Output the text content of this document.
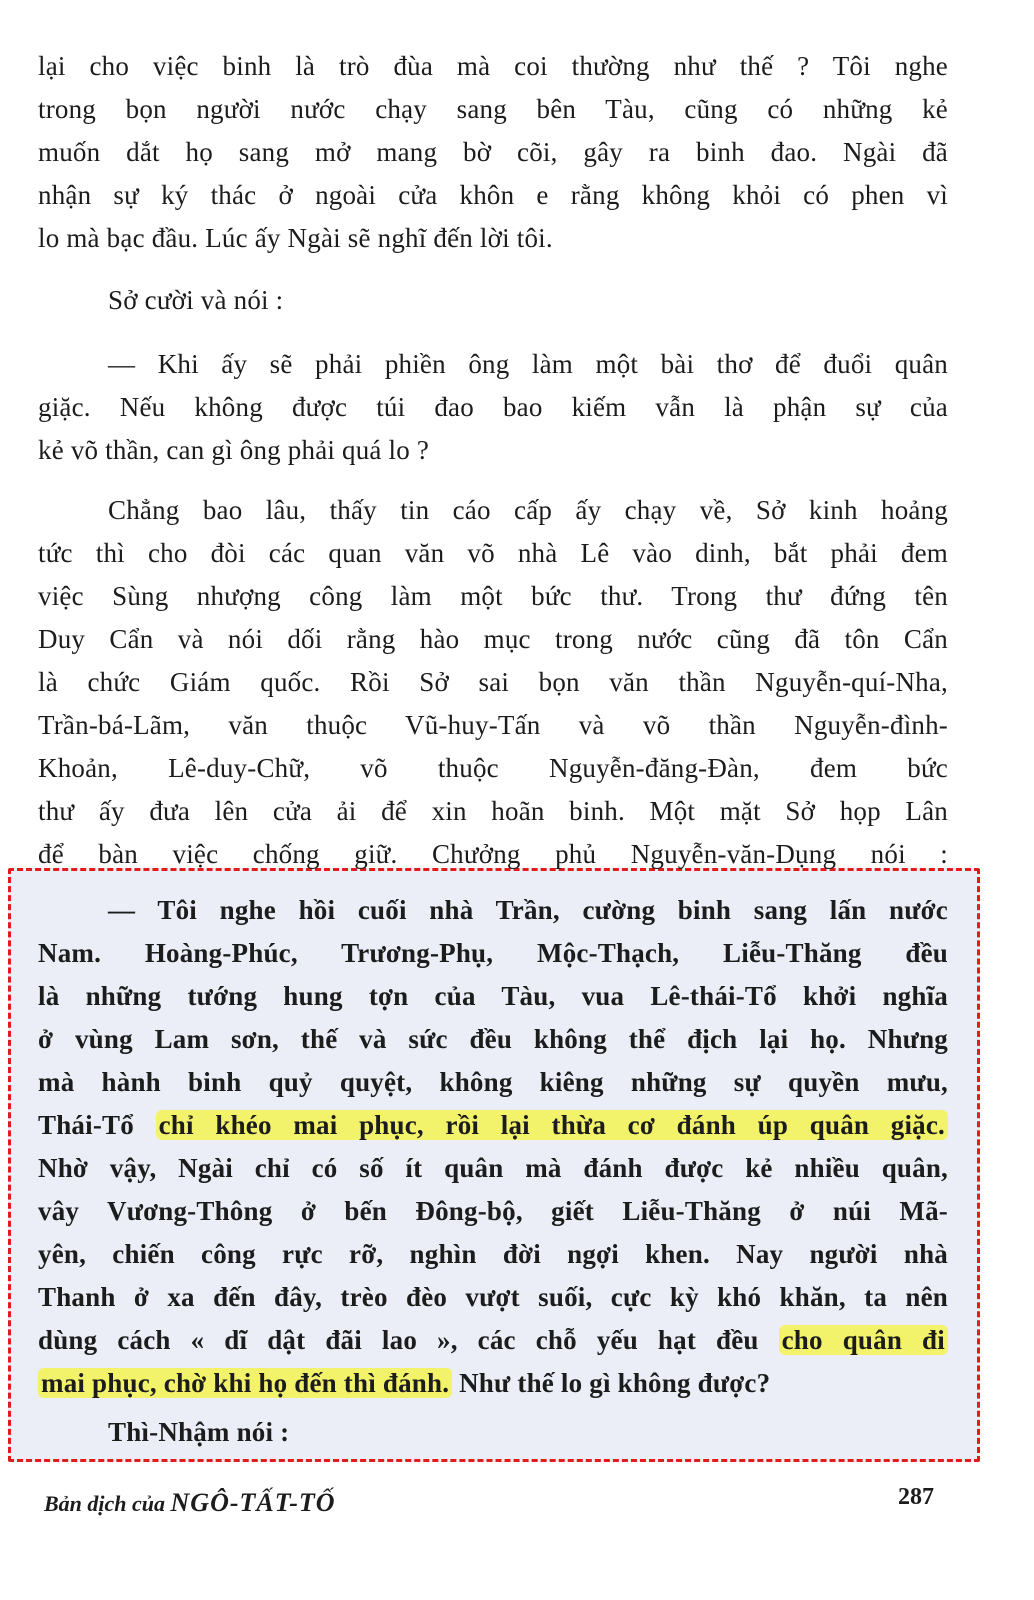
lại cho việc binh là trò đùa mà coi thường như thế ? Tôi nghe
trong bọn người nước chạy sang bên Tàu, cũng có những kẻ
muốn dắt họ sang mở mang bờ cõi, gây ra binh đao. Ngài đã
nhận sự ký thác ở ngoài cửa khôn e rằng không khỏi có phen vì
lo mà bạc đầu. Lúc ấy Ngài sẽ nghĩ đến lời tôi.
Sở cười và nói :
— Khi ấy sẽ phải phiền ông làm một bài thơ để đuổi quân
giặc. Nếu không được túi đao bao kiếm vẫn là phận sự của
kẻ võ thần, can gì ông phải quá lo ?
Chẳng bao lâu, thấy tin cáo cấp ấy chạy về, Sở kinh hoảng
tức thì cho đòi các quan văn võ nhà Lê vào dinh, bắt phải đem
việc Sùng nhượng công làm một bức thư. Trong thư đứng tên
Duy Cẩn và nói dối rằng hào mục trong nước cũng đã tôn Cẩn
là chức Giám quốc. Rồi Sở sai bọn văn thần Nguyễn-quí-Nha,
Trần-bá-Lãm, văn thuộc Vũ-huy-Tấn và võ thần Nguyễn-đình-
Khoản, Lê-duy-Chữ, võ thuộc Nguyễn-đăng-Đàn, đem bức
thư ấy đưa lên cửa ải để xin hoãn binh. Một mặt Sở họp Lân
để bàn việc chống giữ. Chưởng phủ Nguyễn-văn-Dụng nói :
— Tôi nghe hồi cuối nhà Trần, cường binh sang lấn nước
Nam. Hoàng-Phúc, Trương-Phụ, Mộc-Thạch, Liễu-Thăng đều
là những tướng hung tợn của Tàu, vua Lê-thái-Tổ khởi nghĩa
ở vùng Lam sơn, thế và sức đều không thể địch lại họ. Nhưng
mà hành binh quỷ quyệt, không kiêng những sự quyền mưu,
Thái-Tổ chỉ khéo mai phục, rồi lại thừa cơ đánh úp quân giặc.
Nhờ vậy, Ngài chỉ có số ít quân mà đánh được kẻ nhiều quân,
vây Vương-Thông ở bến Đông-bộ, giết Liễu-Thăng ở núi Mã-
yên, chiến công rực rỡ, nghìn đời ngợi khen. Nay người nhà
Thanh ở xa đến đây, trèo đèo vượt suối, cực kỳ khó khăn, ta nên
dùng cách « dĩ dật đãi lao », các chỗ yếu hạt đều cho quân đi
mai phục, chờ khi họ đến thì đánh. Như thế lo gì không được?
Thì-Nhậm nói :
Bản dịch của NGÔ-TẤT-TỐ	287
